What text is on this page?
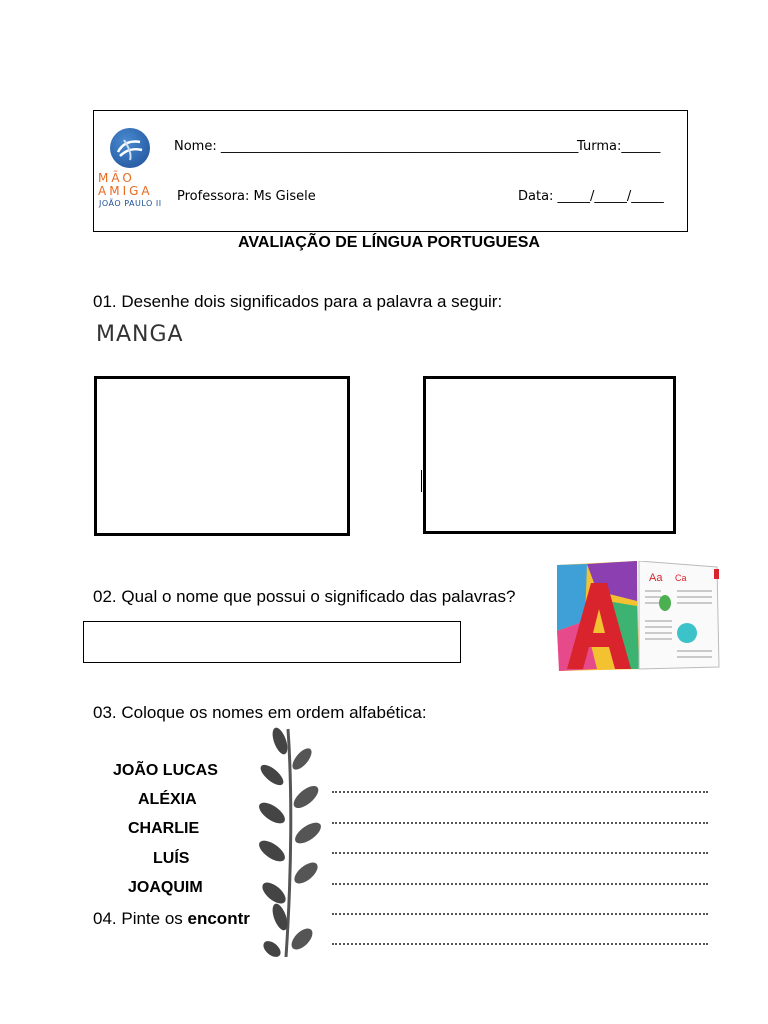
MÃO
AMIGA
JOÃO PAULO II
Nome: _______________________________________________________
Turma:______
Professora: Ms Gisele	Data: _____/_____/_____
AVALIAÇÃO DE LÍNGUA PORTUGUESA
01. Desenhe dois significados para a palavra a seguir:
MANGA
02. Qual o nome que possui o significado das palavras?
Aa Ca
03. Coloque os nomes em ordem alfabética:
JOÃO LUCAS
ALÉXIA
CHARLIE
LUÍS
JOAQUIM
04. Pinte os encontr
